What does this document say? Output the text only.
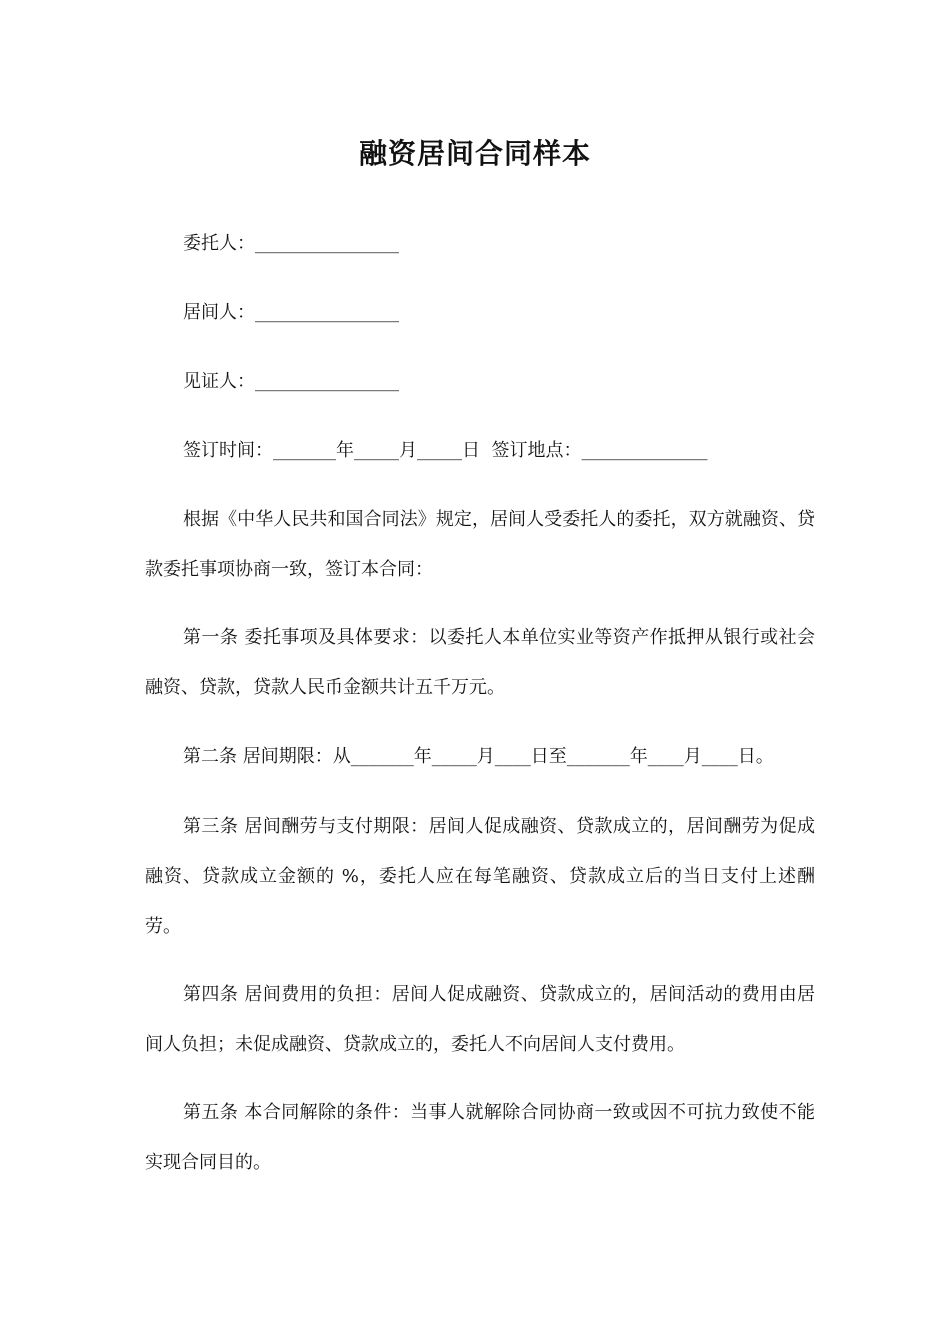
融资居间合同样本
委托人：________________
居间人：________________
见证人：________________
签订时间：_______年_____月_____日  签订地点：______________
根据《中华人民共和国合同法》规定，居间人受委托人的委托，双方就融资、贷款委托事项协商一致，签订本合同：
第一条 委托事项及具体要求：以委托人本单位实业等资产作抵押从银行或社会融资、贷款，贷款人民币金额共计五千万元。
第二条 居间期限：从_______年_____月____日至_______年____月____日。
第三条 居间酬劳与支付期限：居间人促成融资、贷款成立的，居间酬劳为促成融资、贷款成立金额的 %，委托人应在每笔融资、贷款成立后的当日支付上述酬劳。
第四条 居间费用的负担：居间人促成融资、贷款成立的，居间活动的费用由居间人负担；未促成融资、贷款成立的，委托人不向居间人支付费用。
第五条 本合同解除的条件：当事人就解除合同协商一致或因不可抗力致使不能实现合同目的。
